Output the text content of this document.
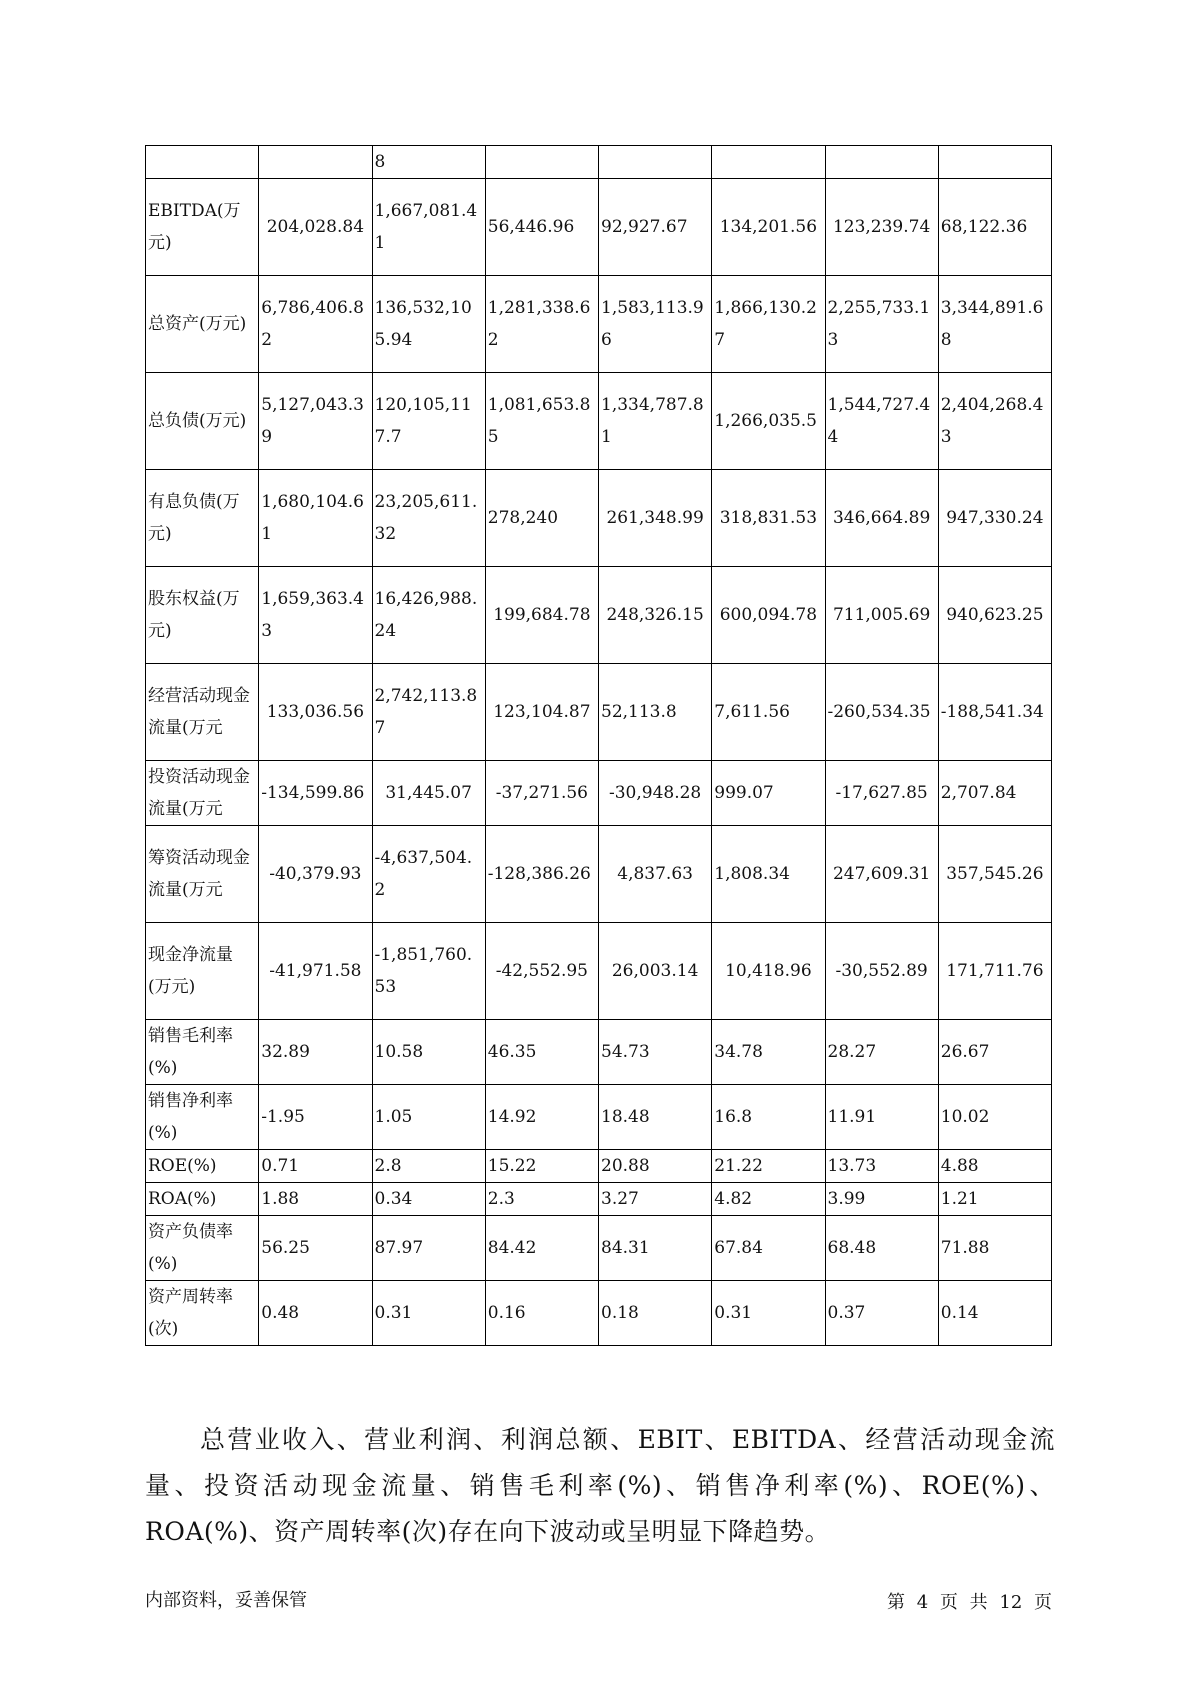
		8					
EBITDA(万元)	204,028.84	1,667,081.41	56,446.96	92,927.67	134,201.56	123,239.74	68,122.36
总资产(万元)	6,786,406.82	136,532,105.94	1,281,338.62	1,583,113.96	1,866,130.27	2,255,733.13	3,344,891.68
总负债(万元)	5,127,043.39	120,105,117.7	1,081,653.85	1,334,787.81	1,266,035.5	1,544,727.44	2,404,268.43
有息负债(万元)	1,680,104.61	23,205,611.32	278,240	261,348.99	318,831.53	346,664.89	947,330.24
股东权益(万元)	1,659,363.43	16,426,988.24	199,684.78	248,326.15	600,094.78	711,005.69	940,623.25
经营活动现金流量(万元	133,036.56	2,742,113.87	123,104.87	52,113.8	7,611.56	-260,534.35	-188,541.34
投资活动现金流量(万元	-134,599.86	31,445.07	-37,271.56	-30,948.28	999.07	-17,627.85	2,707.84
筹资活动现金流量(万元	-40,379.93	-4,637,504.2	-128,386.26	4,837.63	1,808.34	247,609.31	357,545.26
现金净流量(万元)	-41,971.58	-1,851,760.53	-42,552.95	26,003.14	10,418.96	-30,552.89	171,711.76
销售毛利率(%)	32.89	10.58	46.35	54.73	34.78	28.27	26.67
销售净利率(%)	-1.95	1.05	14.92	18.48	16.8	11.91	10.02
ROE(%)	0.71	2.8	15.22	20.88	21.22	13.73	4.88
ROA(%)	1.88	0.34	2.3	3.27	4.82	3.99	1.21
资产负债率(%)	56.25	87.97	84.42	84.31	67.84	68.48	71.88
资产周转率(次)	0.48	0.31	0.16	0.18	0.31	0.37	0.14

总营业收入、营业利润、利润总额、EBIT、EBITDA、经营活动现金流量、投资活动现金流量、销售毛利率(%)、销售净利率(%)、ROE(%)、ROA(%)、资产周转率(次)存在向下波动或呈明显下降趋势。

内部资料，妥善保管	第 4 页 共 12 页
